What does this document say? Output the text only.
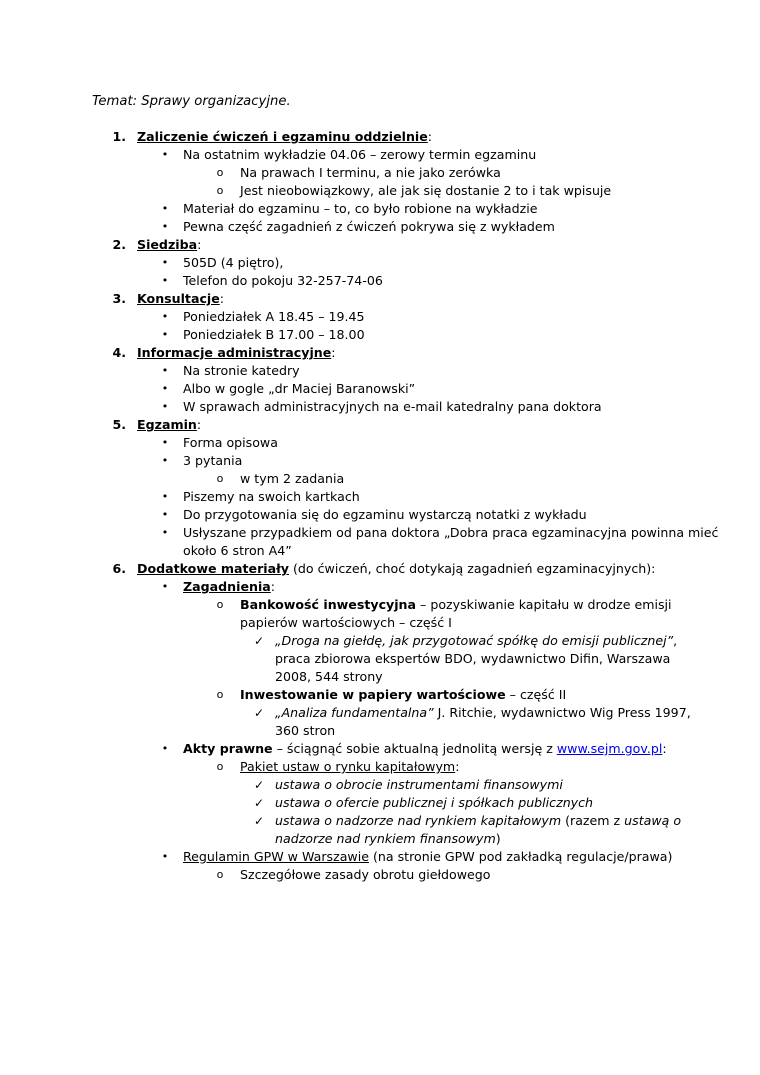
Temat: Sprawy organizacyjne.
1. Zaliczenie ćwiczeń i egzaminu oddzielnie:
• Na ostatnim wykładzie 04.06 – zerowy termin egzaminu
o Na prawach I terminu, a nie jako zerówka
o Jest nieobowiązkowy, ale jak się dostanie 2 to i tak wpisuje
• Materiał do egzaminu – to, co było robione na wykładzie
• Pewna część zagadnień z ćwiczeń pokrywa się z wykładem
2. Siedziba:
• 505D (4 piętro),
• Telefon do pokoju 32-257-74-06
3. Konsultacje:
• Poniedziałek A 18.45 – 19.45
• Poniedziałek B 17.00 – 18.00
4. Informacje administracyjne:
• Na stronie katedry
• Albo w gogle „dr Maciej Baranowski”
• W sprawach administracyjnych na e-mail katedralny pana doktora
5. Egzamin:
• Forma opisowa
• 3 pytania
o w tym 2 zadania
• Piszemy na swoich kartkach
• Do przygotowania się do egzaminu wystarczą notatki z wykładu
• Usłyszane przypadkiem od pana doktora „Dobra praca egzaminacyjna powinna mieć
około 6 stron A4”
6. Dodatkowe materiały (do ćwiczeń, choć dotykają zagadnień egzaminacyjnych):
• Zagadnienia:
o Bankowość inwestycyjna – pozyskiwanie kapitału w drodze emisji
papierów wartościowych – część I
✓ „Droga na giełdę, jak przygotować spółkę do emisji publicznej”,
praca zbiorowa ekspertów BDO, wydawnictwo Difin, Warszawa
2008, 544 strony
o Inwestowanie w papiery wartościowe – część II
✓ „Analiza fundamentalna” J. Ritchie, wydawnictwo Wig Press 1997,
360 stron
• Akty prawne – ściągnąć sobie aktualną jednolitą wersję z www.sejm.gov.pl:
o Pakiet ustaw o rynku kapitałowym:
✓ ustawa o obrocie instrumentami finansowymi
✓ ustawa o ofercie publicznej i spółkach publicznych
✓ ustawa o nadzorze nad rynkiem kapitałowym (razem z ustawą o
nadzorze nad rynkiem finansowym)
• Regulamin GPW w Warszawie (na stronie GPW pod zakładką regulacje/prawa)
o Szczegółowe zasady obrotu giełdowego
